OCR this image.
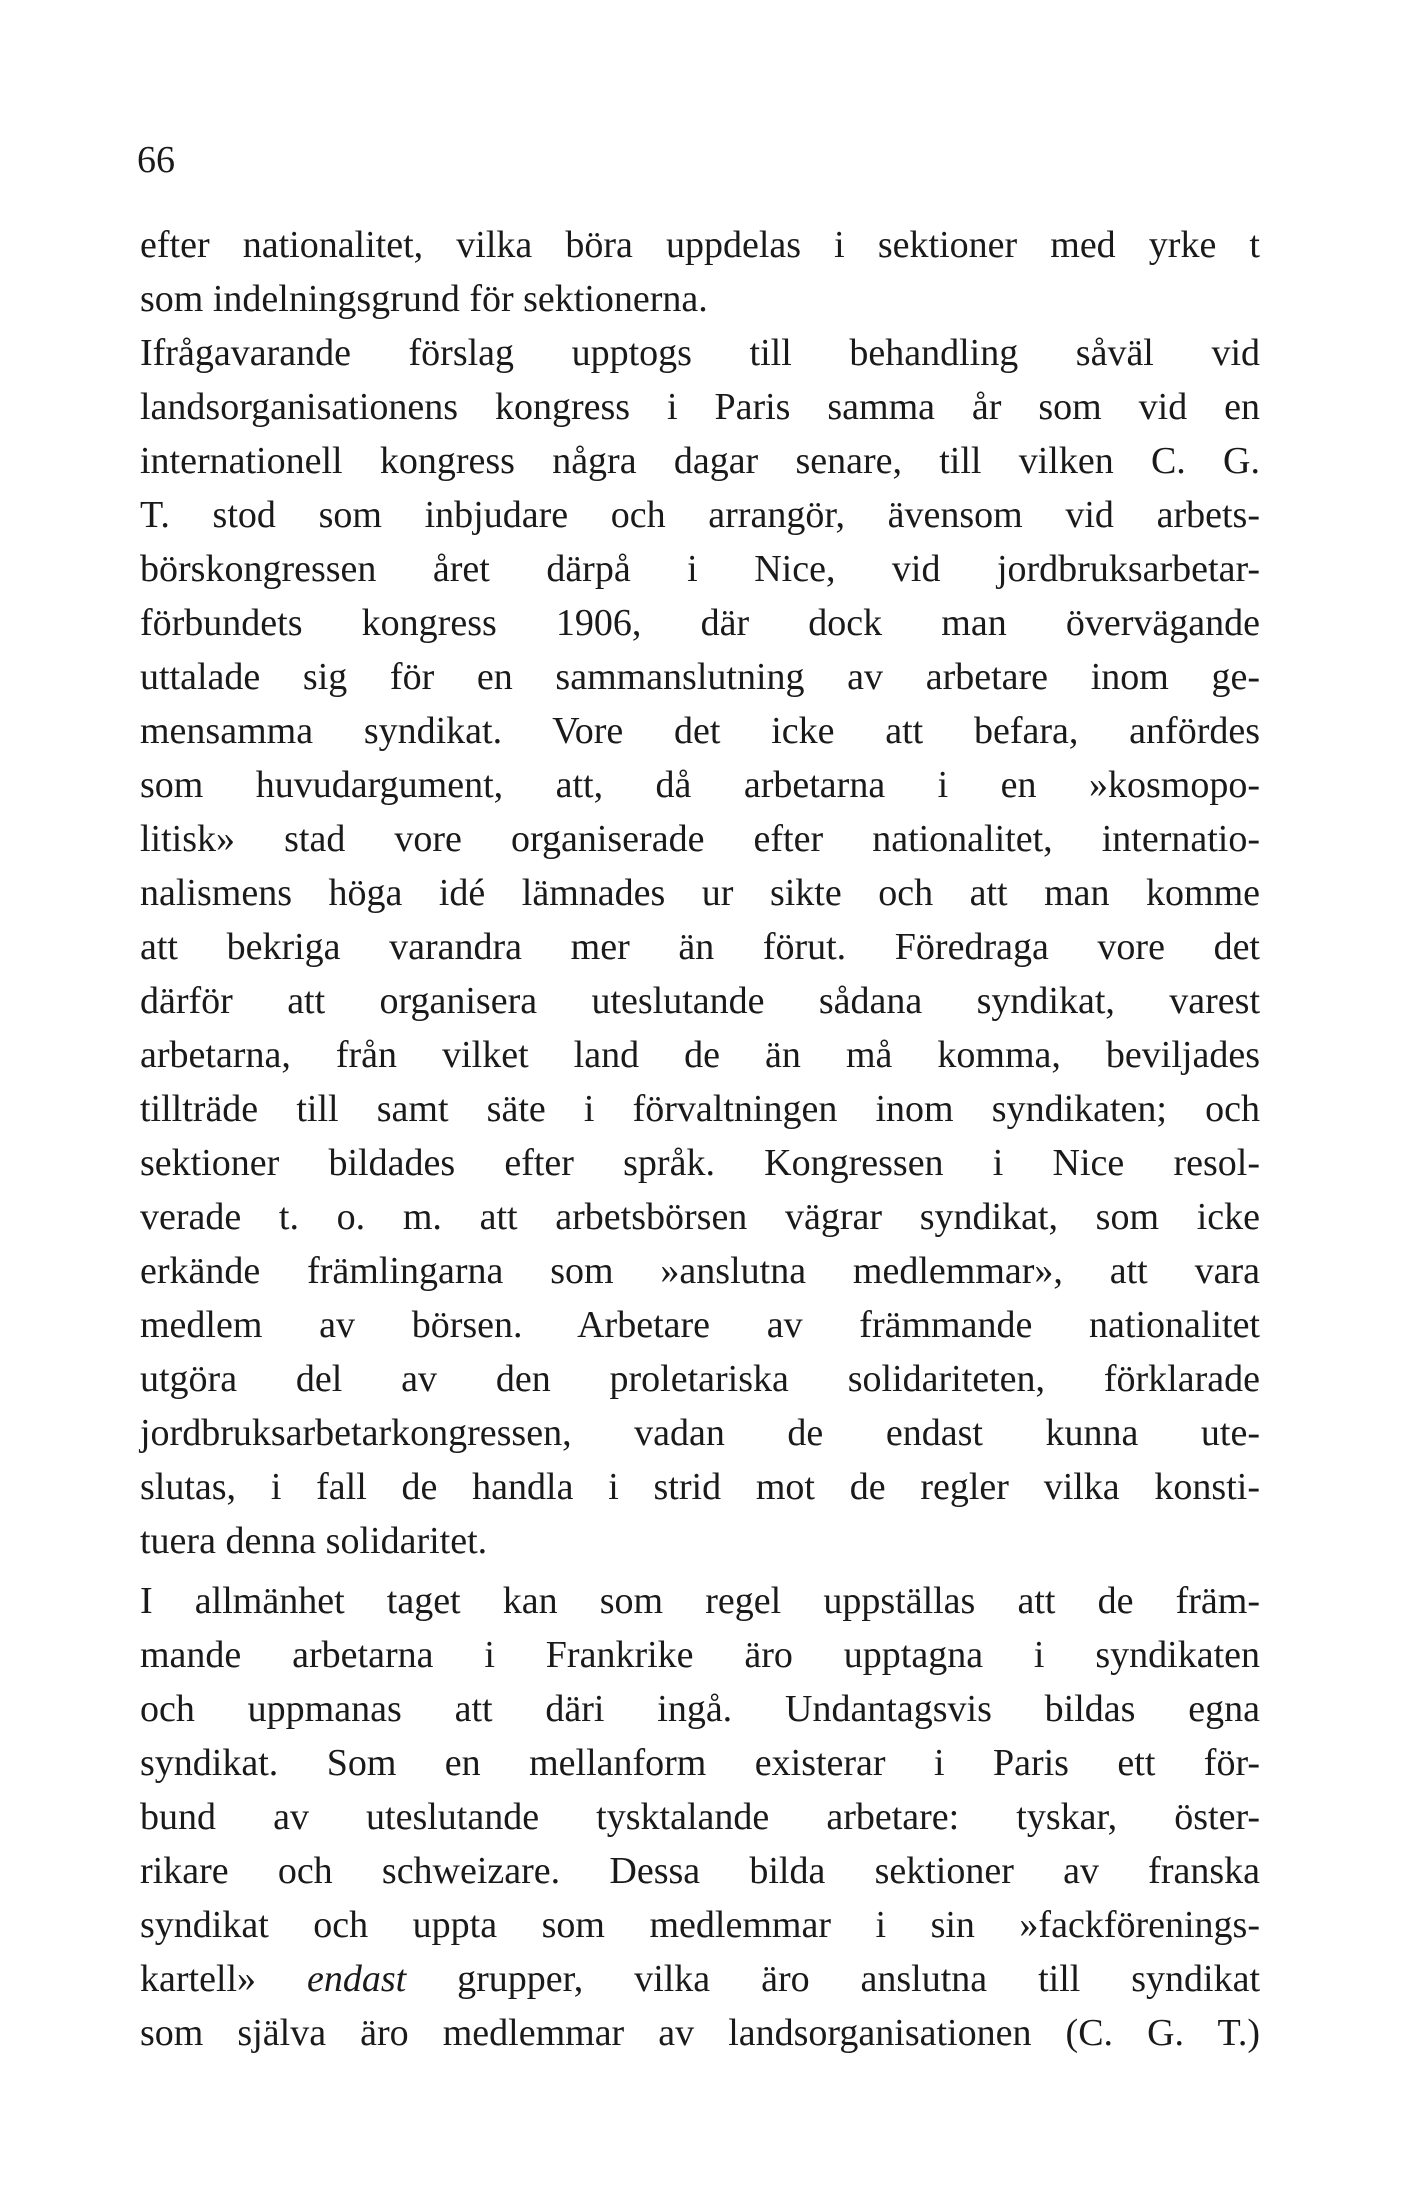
66
efter nationalitet, vilka böra uppdelas i sektioner med yrke t
som indelningsgrund för sektionerna.
Ifrågavarande förslag upptogs till behandling såväl vid
landsorganisationens kongress i Paris samma år som vid en
internationell kongress några dagar senare, till vilken C. G.
T. stod som inbjudare och arrangör, ävensom vid arbets-
börskongressen året därpå i Nice, vid jordbruksarbetar-
förbundets kongress 1906, där dock man övervägande
uttalade sig för en sammanslutning av arbetare inom ge-
mensamma syndikat. Vore det icke att befara, anfördes
som huvudargument, att, då arbetarna i en »kosmopo-
litisk» stad vore organiserade efter nationalitet, internatio-
nalismens höga idé lämnades ur sikte och att man komme
att bekriga varandra mer än förut. Föredraga vore det
därför att organisera uteslutande sådana syndikat, varest
arbetarna, från vilket land de än må komma, beviljades
tillträde till samt säte i förvaltningen inom syndikaten; och
sektioner bildades efter språk. Kongressen i Nice resol-
verade t. o. m. att arbetsbörsen vägrar syndikat, som icke
erkände främlingarna som »anslutna medlemmar», att vara
medlem av börsen. Arbetare av främmande nationalitet
utgöra del av den proletariska solidariteten, förklarade
jordbruksarbetarkongressen, vadan de endast kunna ute-
slutas, i fall de handla i strid mot de regler vilka konsti-
tuera denna solidaritet.
I allmänhet taget kan som regel uppställas att de främ-
mande arbetarna i Frankrike äro upptagna i syndikaten
och uppmanas att däri ingå. Undantagsvis bildas egna
syndikat. Som en mellanform existerar i Paris ett för-
bund av uteslutande tysktalande arbetare: tyskar, öster-
rikare och schweizare. Dessa bilda sektioner av franska
syndikat och uppta som medlemmar i sin »fackförenings-
kartell» endast grupper, vilka äro anslutna till syndikat
som själva äro medlemmar av landsorganisationen (C. G. T.)
